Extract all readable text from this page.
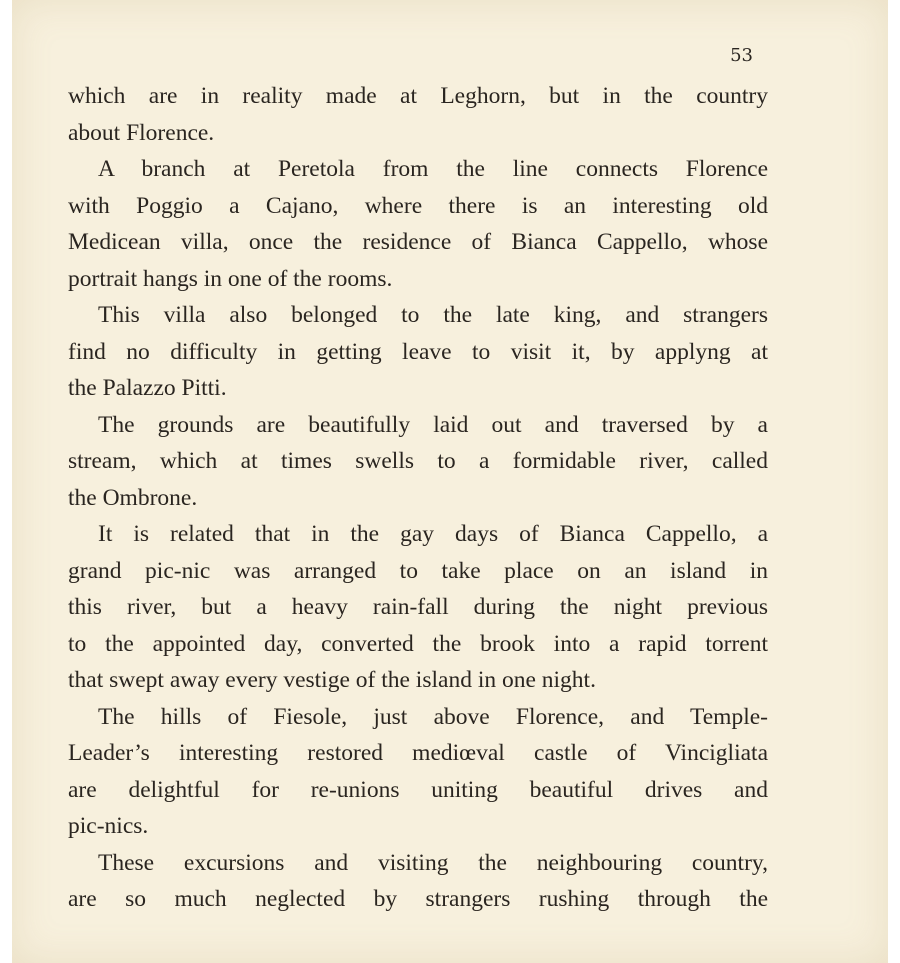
53

which are in reality made at Leghorn, but in the country
about Florence.

A branch at Peretola from the line connects Florence
with Poggio a Cajano, where there is an interesting old
Medicean villa, once the residence of Bianca Cappello, whose
portrait hangs in one of the rooms.

This villa also belonged to the late king, and strangers
find no difficulty in getting leave to visit it, by applyng at
the Palazzo Pitti.

The grounds are beautifully laid out and traversed by a
stream, which at times swells to a formidable river, called
the Ombrone.

It is related that in the gay days of Bianca Cappello, a
grand pic-nic was arranged to take place on an island in
this river, but a heavy rain-fall during the night previous
to the appointed day, converted the brook into a rapid torrent
that swept away every vestige of the island in one night.

The hills of Fiesole, just above Florence, and Temple-
Leader’s interesting restored mediœval castle of Vincigliata
are delightful for re-unions uniting beautiful drives and
pic-nics.

These excursions and visiting the neighbouring country,
are so much neglected by strangers rushing through the
